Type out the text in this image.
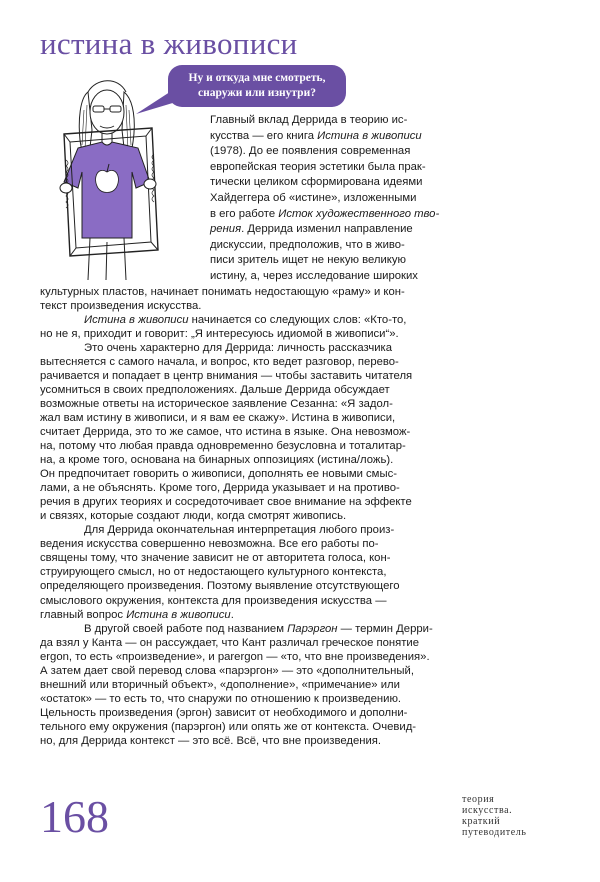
истина в живописи
Ну и откуда мне смотреть,
снаружи или изнутри?
Главный вклад Деррида в теорию ис-
кусства — его книга Истина в живописи
(1978). До ее появления современная
европейская теория эстетики была прак-
тически целиком сформирована идеями
Хайдеггера об «истине», изложенными
в его работе Исток художественного тво-
рения. Деррида изменил направление
дискуссии, предположив, что в живо-
писи зритель ищет не некую великую
истину, а, через исследование широких
культурных пластов, начинает понимать недостающую «раму» и кон-
текст произведения искусства.
Истина в живописи начинается со следующих слов: «Кто-то,
но не я, приходит и говорит: „Я интересуюсь идиомой в живописи“».
Это очень характерно для Деррида: личность рассказчика
вытесняется с самого начала, и вопрос, кто ведет разговор, перево-
рачивается и попадает в центр внимания — чтобы заставить читателя
усомниться в своих предположениях. Дальше Деррида обсуждает
возможные ответы на историческое заявление Сезанна: «Я задол-
жал вам истину в живописи, и я вам ее скажу». Истина в живописи,
считает Деррида, это то же самое, что истина в языке. Она невозмож-
на, потому что любая правда одновременно безусловна и тоталитар-
на, а кроме того, основана на бинарных оппозициях (истина/ложь).
Он предпочитает говорить о живописи, дополнять ее новыми смыс-
лами, а не объяснять. Кроме того, Деррида указывает и на противо-
речия в других теориях и сосредоточивает свое внимание на эффекте
и связях, которые создают люди, когда смотрят живопись.
Для Деррида окончательная интерпретация любого произ-
ведения искусства совершенно невозможна. Все его работы по-
священы тому, что значение зависит не от авторитета голоса, кон-
струирующего смысл, но от недостающего культурного контекста,
определяющего произведения. Поэтому выявление отсутствующего
смыслового окружения, контекста для произведения искусства —
главный вопрос Истина в живописи.
В другой своей работе под названием Парэргон — термин Дерри-
да взял у Канта — он рассуждает, что Кант различал греческое понятие
ergon, то есть «произведение», и parergon — «то, что вне произведения».
А затем дает свой перевод слова «парэргон» — это «дополнительный,
внешний или вторичный объект», «дополнение», «примечание» или
«остаток» — то есть то, что снаружи по отношению к произведению.
Цельность произведения (эргон) зависит от необходимого и дополни-
тельного ему окружения (парэргон) или опять же от контекста. Очевид-
но, для Деррида контекст — это всё. Всё, что вне произведения.
168	теория
искусства.
краткий
путеводитель
